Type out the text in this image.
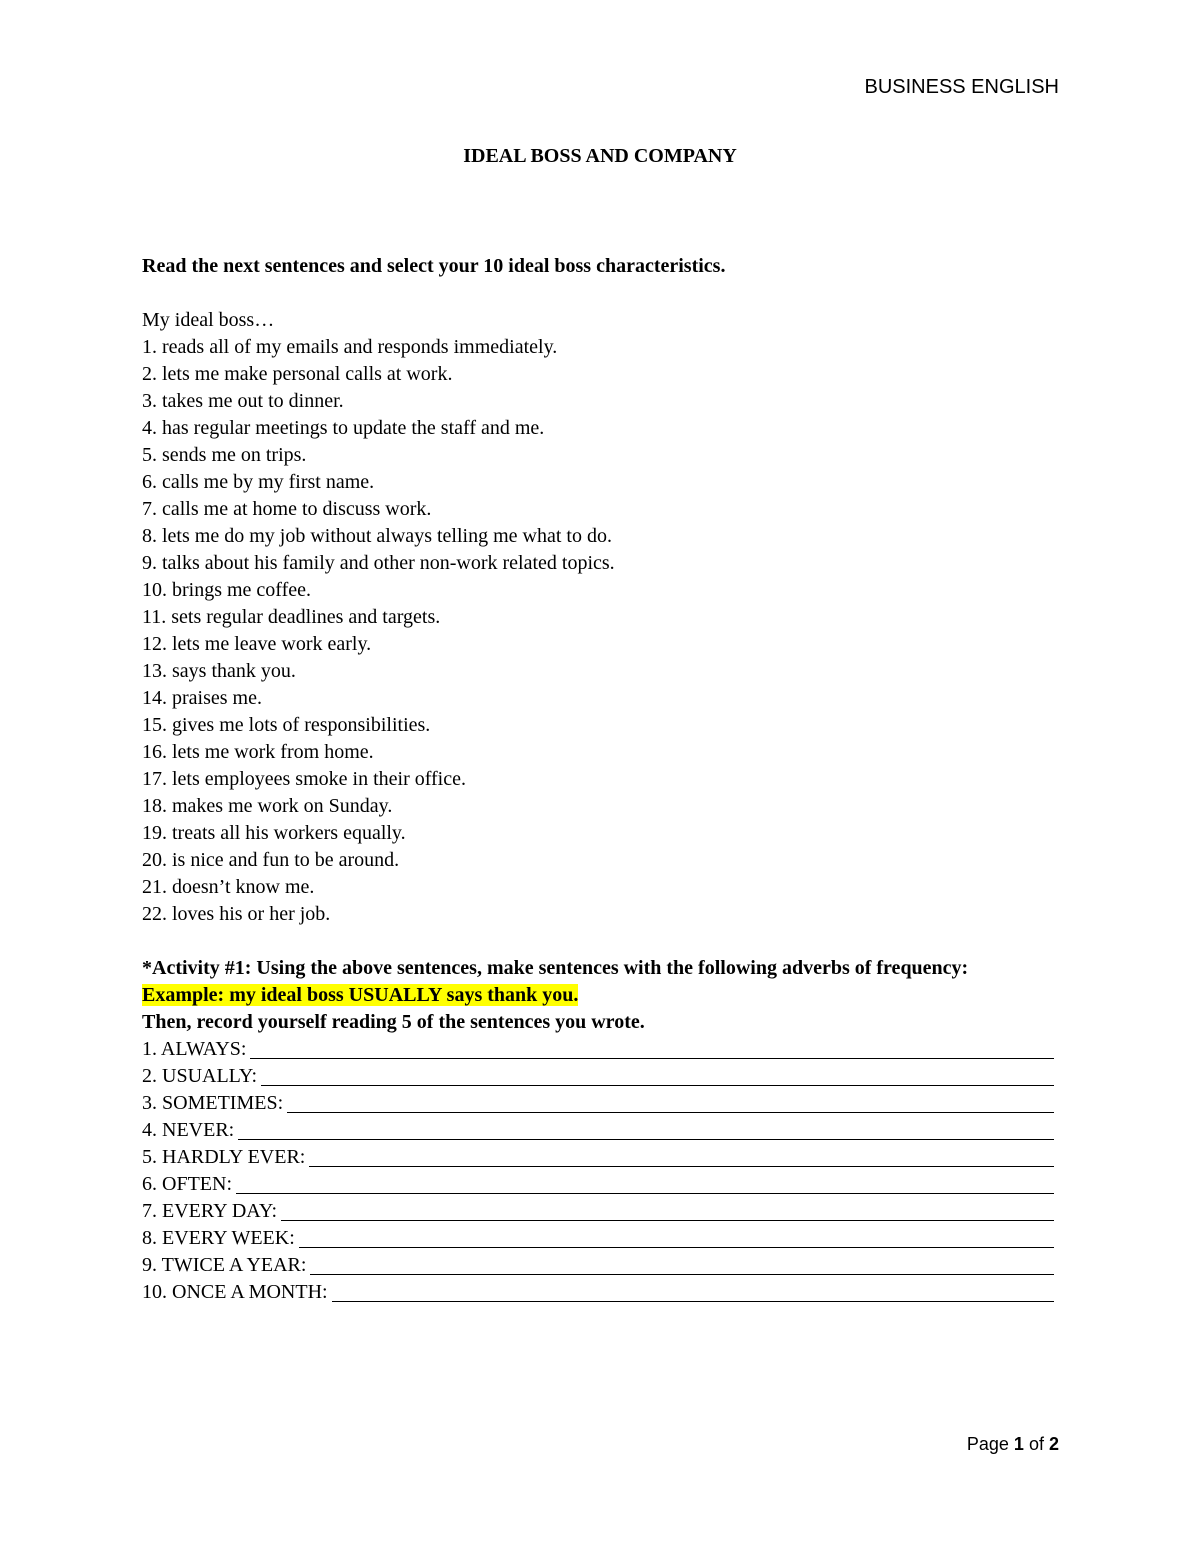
BUSINESS ENGLISH
IDEAL BOSS AND COMPANY

Read the next sentences and select your 10 ideal boss characteristics.

My ideal boss…

1. reads all of my emails and responds immediately.

2. lets me make personal calls at work.

3. takes me out to dinner.

4. has regular meetings to update the staff and me.

5. sends me on trips.

6. calls me by my first name.

7. calls me at home to discuss work.

8. lets me do my job without always telling me what to do.

9. talks about his family and other non-work related topics.

10. brings me coffee.

11. sets regular deadlines and targets.

12. lets me leave work early.

13. says thank you.

14. praises me.

15. gives me lots of responsibilities.

16. lets me work from home.

17. lets employees smoke in their office.

18. makes me work on Sunday.

19. treats all his workers equally.

20. is nice and fun to be around.

21. doesn’t know me.

22. loves his or her job.

*Activity #1: Using the above sentences, make sentences with the following adverbs of frequency:

Example: my ideal boss USUALLY says thank you.

Then, record yourself reading 5 of the sentences you wrote.

1. ALWAYS:
2. USUALLY:
3. SOMETIMES:
4. NEVER:
5. HARDLY EVER:
6. OFTEN:
7. EVERY DAY:
8. EVERY WEEK:
9. TWICE A YEAR:
10. ONCE A MONTH:
Page 1 of 2
